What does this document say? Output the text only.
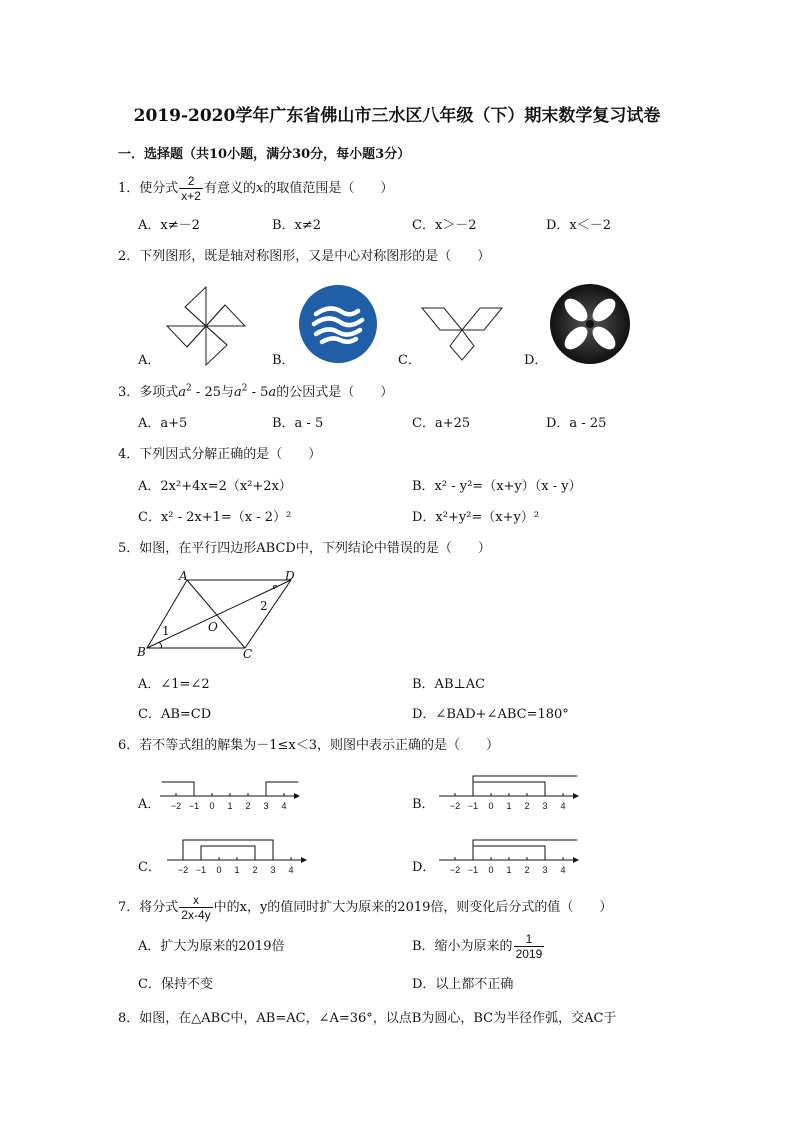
2019-2020学年广东省佛山市三水区八年级（下）期末数学复习试卷
一．选择题（共10小题，满分30分，每小题3分）
1．使分式 $\frac{2}{x+2}$ 有意义的x的取值范围是（　　）
A．x≠－2	B．x≠2	C．x＞－2	D．x＜－2
2．下列图形，既是轴对称图形，又是中心对称图形的是（　　）
A．	B．	C．	D．
3．多项式$a^2 - 25$与$a^2 - 5a$的公因式是（　　）
A．a+5	B．a - 5	C．a+25	D．a - 25
4．下列因式分解正确的是（　　）
A．2x²+4x=2（x²+2x）	B．x² - y²=（x+y）（x - y）
C．x² - 2x+1=（x - 2）²	D．x²+y²=（x+y）²
5．如图，在平行四边形ABCD中，下列结论中错误的是（　　）
A	D
B	C
O
1
2
A．∠1=∠2	B．AB⊥AC
C．AB=CD	D．∠BAD+∠ABC=180°
6．若不等式组的解集为－1≤x＜3，则图中表示正确的是（　　）
A．	B．
C．	D．
−2 −1 0 1 2 3 4	−2 −1 0 1 2 3 4
−2 −1 0 1 2 3 4	−2 −1 0 1 2 3 4
7．将分式 $\frac{x}{2x-4y}$ 中的x，y的值同时扩大为原来的2019倍，则变化后分式的值（　　）
A．扩大为原来的2019倍	B．缩小为原来的 $\frac{1}{2019}$
C．保持不变	D．以上都不正确
8．如图，在△ABC中，AB=AC，∠A=36°，以点B为圆心，BC为半径作弧，交AC于
